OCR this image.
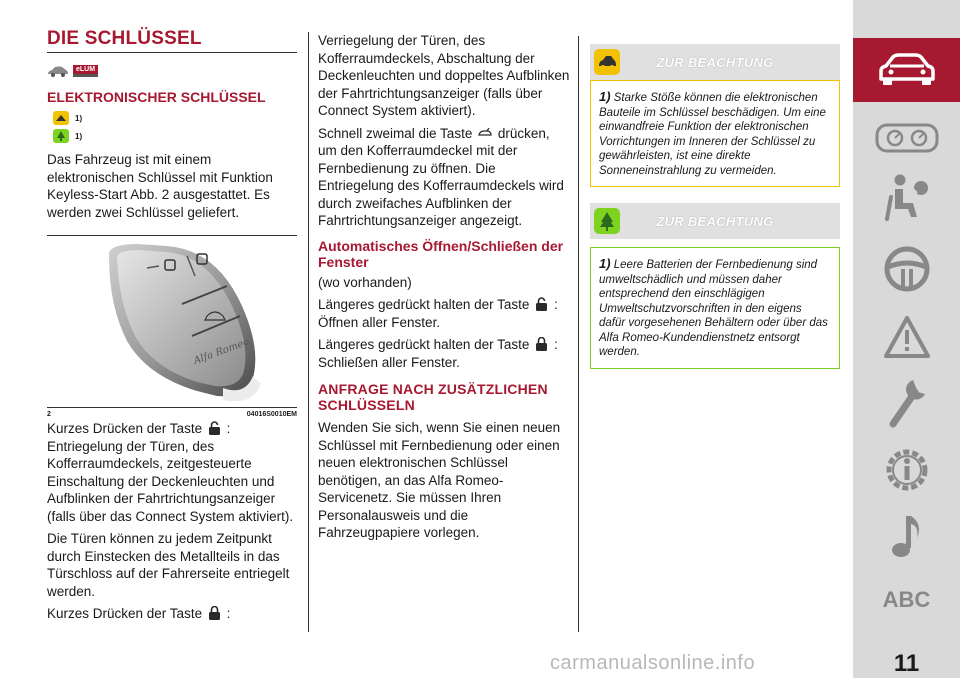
DIE SCHLÜSSEL
eLUM
ELEKTRONISCHER SCHLÜSSEL
1)
1)

Das Fahrzeug ist mit einem elektronischen Schlüssel mit Funktion Keyless-Start Abb. 2 ausgestattet. Es werden zwei Schlüssel geliefert.

Alfa Romeo
2	04016S0010EM

Kurzes Drücken der Taste : Entriegelung der Türen, des Kofferraumdeckels, zeitgesteuerte Einschaltung der Deckenleuchten und Aufblinken der Fahrtrichtungsanzeiger (falls über das Connect System aktiviert).

Die Türen können zu jedem Zeitpunkt durch Einstecken des Metallteils in das Türschloss auf der Fahrerseite entriegelt werden.

Kurzes Drücken der Taste :

Verriegelung der Türen, des Kofferraumdeckels, Abschaltung der Deckenleuchten und doppeltes Aufblinken der Fahrtrichtungsanzeiger (falls über Connect System aktiviert).

Schnell zweimal die Taste drücken, um den Kofferraumdeckel mit der Fernbedienung zu öffnen. Die Entriegelung des Kofferraumdeckels wird durch zweifaches Aufblinken der Fahrtrichtungsanzeiger angezeigt.

Automatisches Öffnen/Schließen der Fenster

(wo vorhanden)

Längeres gedrückt halten der Taste :
Öffnen aller Fenster.

Längeres gedrückt halten der Taste :
Schließen aller Fenster.

ANFRAGE NACH ZUSÄTZLICHEN SCHLÜSSELN

Wenden Sie sich, wenn Sie einen neuen Schlüssel mit Fernbedienung oder einen neuen elektronischen Schlüssel benötigen, an das Alfa Romeo-Servicenetz. Sie müssen Ihren Personalausweis und die Fahrzeugpapiere vorlegen.

ZUR BEACHTUNG
1) Starke Stöße können die elektronischen Bauteile im Schlüssel beschädigen. Um eine einwandfreie Funktion der elektronischen Vorrichtungen im Inneren der Schlüssel zu gewährleisten, ist eine direkte Sonneneinstrahlung zu vermeiden.
ZUR BEACHTUNG
1) Leere Batterien der Fernbedienung sind umweltschädlich und müssen daher entsprechend den einschlägigen Umweltschutzvorschriften in den eigens dafür vorgesehenen Behältern oder über das Alfa Romeo-Kundendienstnetz entsorgt werden.
ABC
11
carmanualsonline.info
